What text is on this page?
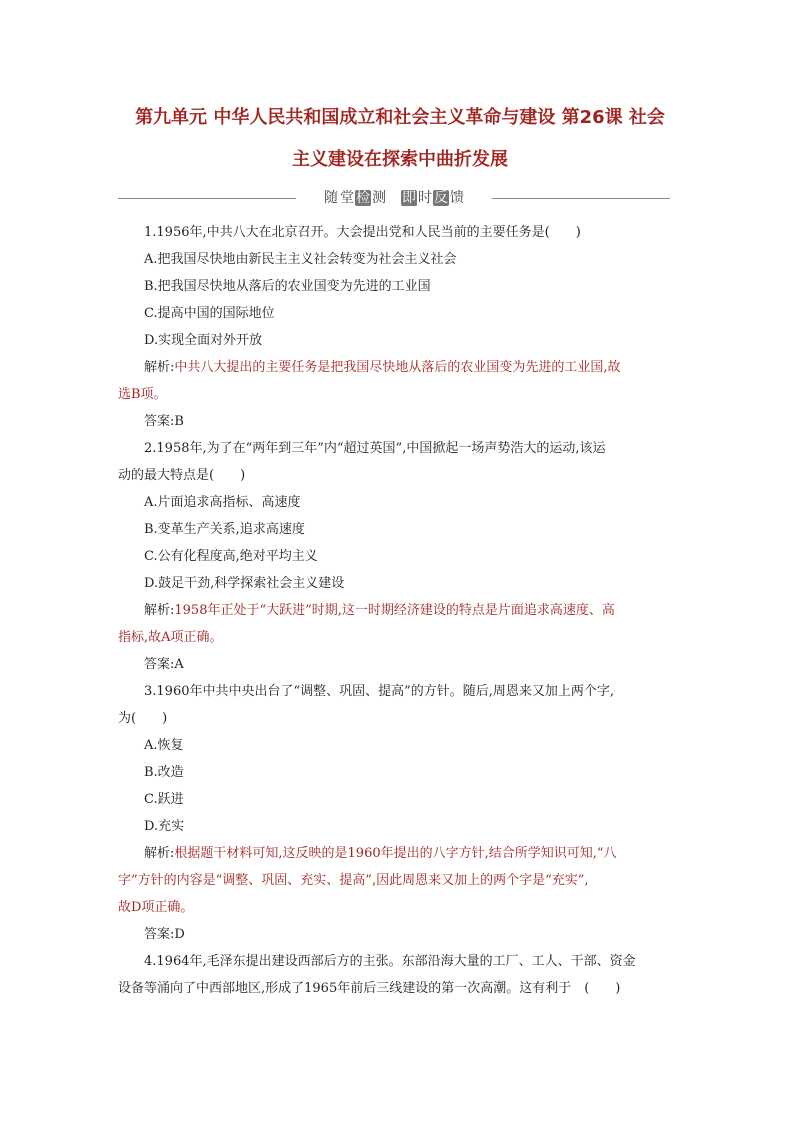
第九单元 中华人民共和国成立和社会主义革命与建设 第26课 社会
主义建设在探索中曲折发展
随 堂 检 测 即 时 反 馈

1.1956年,中共八大在北京召开。大会提出党和人民当前的主要任务是(　　)

A.把我国尽快地由新民主主义社会转变为社会主义社会

B.把我国尽快地从落后的农业国变为先进的工业国

C.提高中国的国际地位

D.实现全面对外开放

解析:中共八大提出的主要任务是把我国尽快地从落后的农业国变为先进的工业国,故

选B项。

答案:B

2.1958年,为了在“两年到三年”内“超过英国”,中国掀起一场声势浩大的运动,该运

动的最大特点是(　　)

A.片面追求高指标、高速度

B.变革生产关系,追求高速度

C.公有化程度高,绝对平均主义

D.鼓足干劲,科学探索社会主义建设

解析:1958年正处于“大跃进”时期,这一时期经济建设的特点是片面追求高速度、高

指标,故A项正确。

答案:A

3.1960年中共中央出台了“调整、巩固、提高”的方针。随后,周恩来又加上两个字,

为(　　)

A.恢复

B.改造

C.跃进

D.充实

解析:根据题干材料可知,这反映的是1960年提出的八字方针,结合所学知识可知,“八

字”方针的内容是“调整、巩固、充实、提高”,因此周恩来又加上的两个字是“充实”,

故D项正确。

答案:D

4.1964年,毛泽东提出建设西部后方的主张。东部沿海大量的工厂、工人、干部、资金

设备等涌向了中西部地区,形成了1965年前后三线建设的第一次高潮。这有利于　(　　)
